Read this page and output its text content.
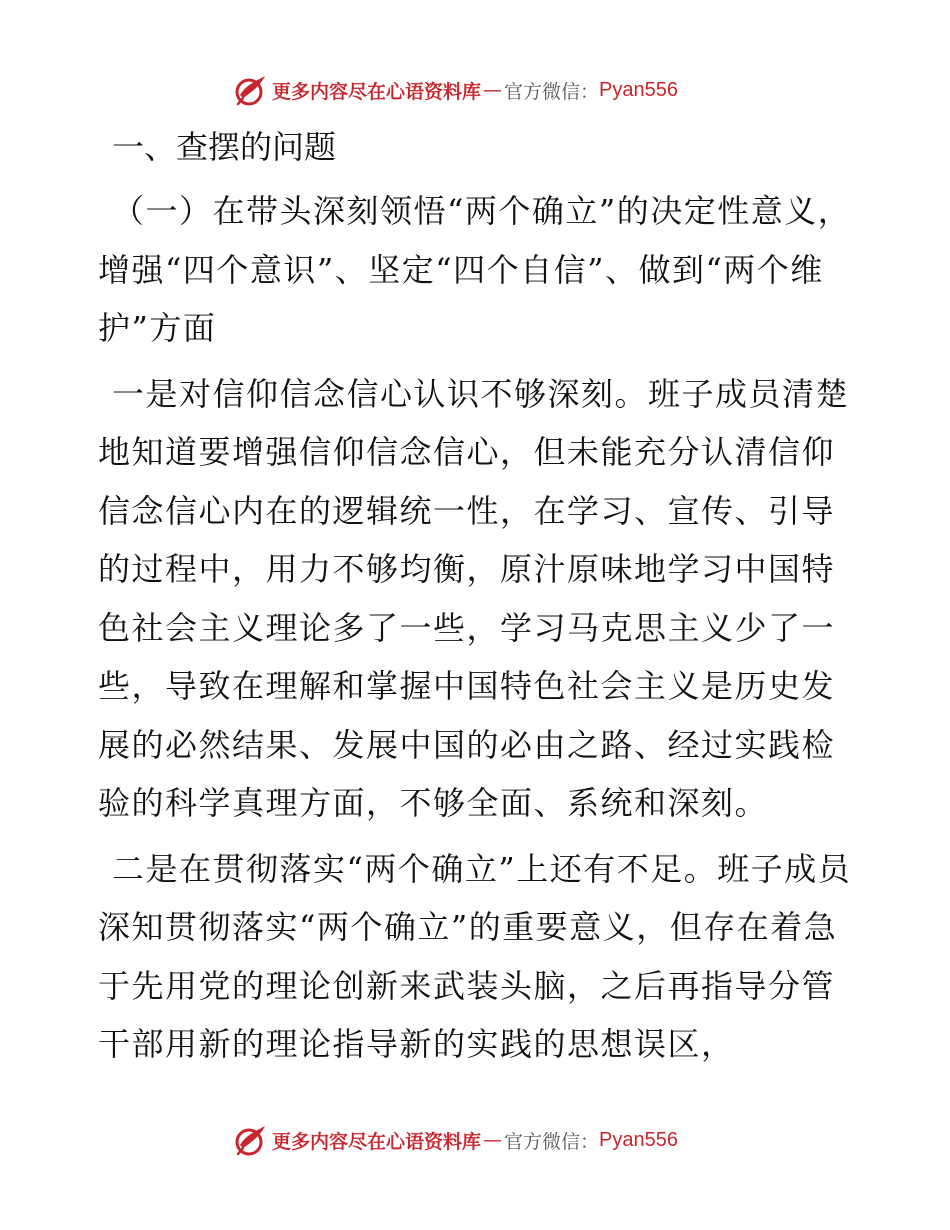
更多内容尽在心语资料库 — 官方微信： Pyan556
一、查摆的问题

（一）在带头深刻领悟“两个确立”的决定性意义，增强“四个意识”、坚定“四个自信”、做到“两个维护”方面

一是对信仰信念信心认识不够深刻。班子成员清楚地知道要增强信仰信念信心，但未能充分认清信仰信念信心内在的逻辑统一性，在学习、宣传、引导的过程中，用力不够均衡，原汁原味地学习中国特色社会主义理论多了一些，学习马克思主义少了一些，导致在理解和掌握中国特色社会主义是历史发展的必然结果、发展中国的必由之路、经过实践检验的科学真理方面，不够全面、系统和深刻。

二是在贯彻落实“两个确立”上还有不足。班子成员深知贯彻落实“两个确立”的重要意义，但存在着急于先用党的理论创新来武装头脑，之后再指导分管干部用新的理论指导新的实践的思想误区，

更多内容尽在心语资料库 — 官方微信： Pyan556
